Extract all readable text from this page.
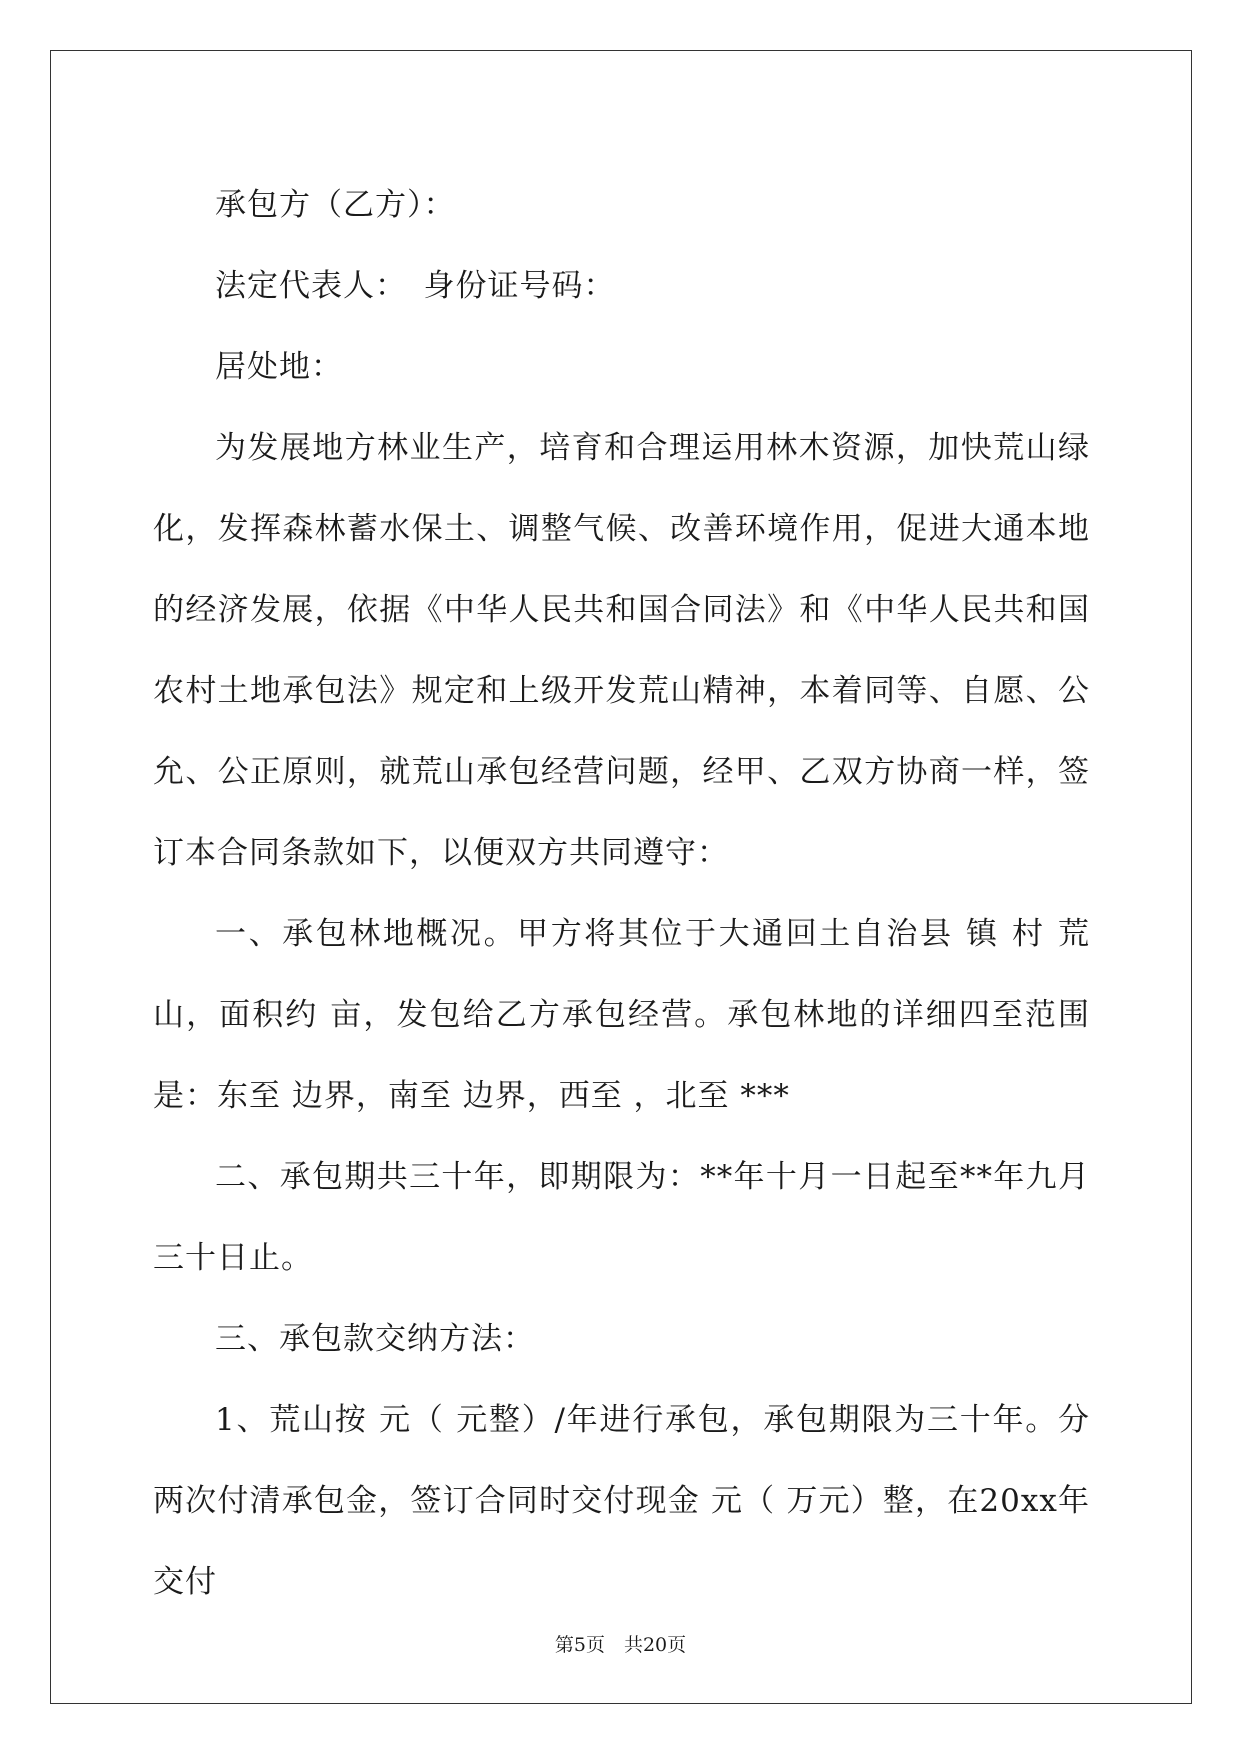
承包方（乙方）：

法定代表人：　身份证号码：

居处地：

为发展地方林业生产，培育和合理运用林木资源，加快荒山绿化，发挥森林蓄水保土、调整气候、改善环境作用，促进大通本地的经济发展，依据《中华人民共和国合同法》和《中华人民共和国农村土地承包法》规定和上级开发荒山精神，本着同等、自愿、公允、公正原则，就荒山承包经营问题，经甲、乙双方协商一样，签订本合同条款如下，以便双方共同遵守：

一、承包林地概况。甲方将其位于大通回土自治县 镇 村 荒山，面积约 亩，发包给乙方承包经营。承包林地的详细四至范围是：东至 边界，南至 边界，西至 ，北至 ***

二、承包期共三十年，即期限为：**年十月一日起至**年九月三十日止。

三、承包款交纳方法：

1、荒山按 元（ 元整）/年进行承包，承包期限为三十年。分两次付清承包金，签订合同时交付现金 元（ 万元）整，在20xx年交付

第5页　共20页
